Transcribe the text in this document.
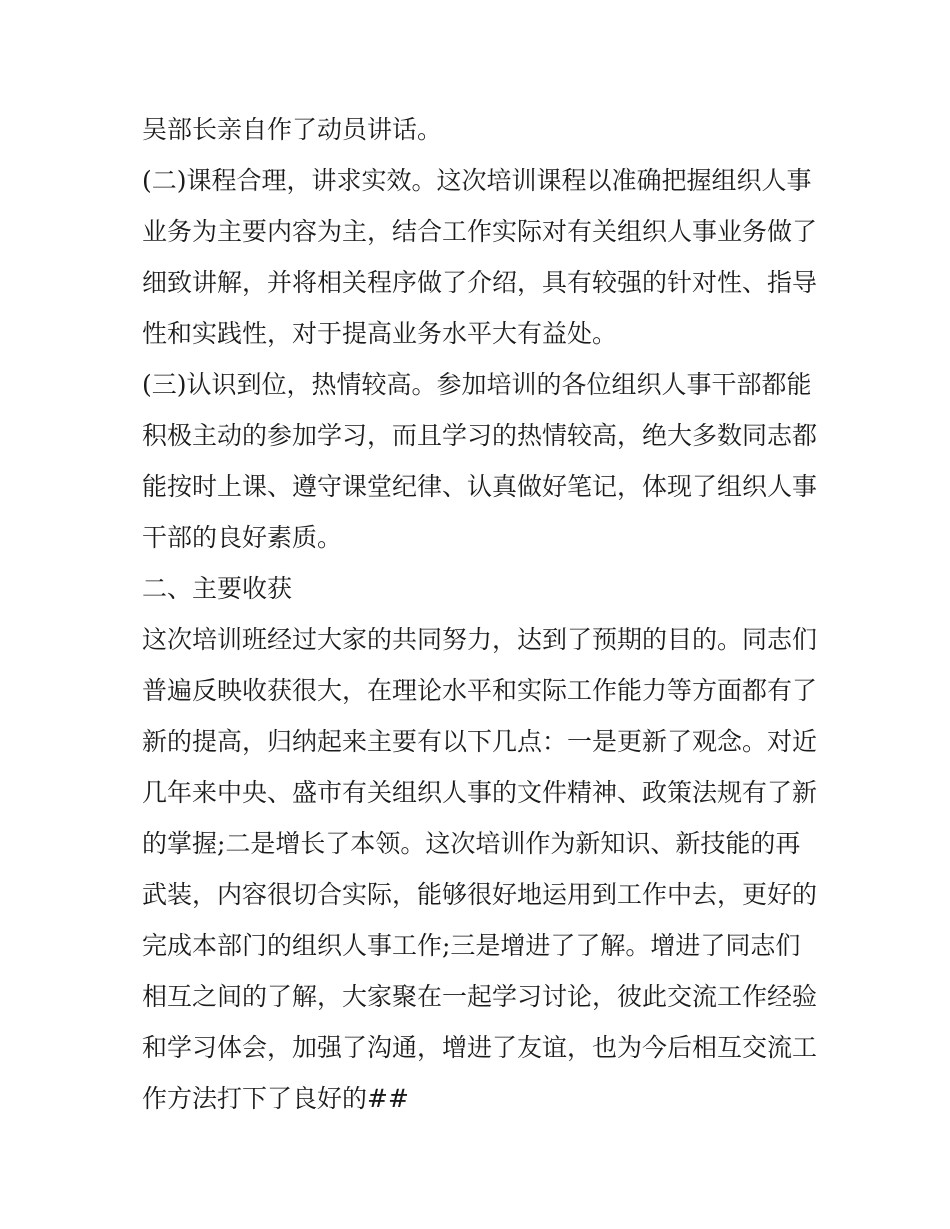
吴部长亲自作了动员讲话。
(二)课程合理，讲求实效。这次培训课程以准确把握组织人事
业务为主要内容为主，结合工作实际对有关组织人事业务做了
细致讲解，并将相关程序做了介绍，具有较强的针对性、指导
性和实践性，对于提高业务水平大有益处。
(三)认识到位，热情较高。参加培训的各位组织人事干部都能
积极主动的参加学习，而且学习的热情较高，绝大多数同志都
能按时上课、遵守课堂纪律、认真做好笔记，体现了组织人事
干部的良好素质。
二、主要收获
这次培训班经过大家的共同努力，达到了预期的目的。同志们
普遍反映收获很大，在理论水平和实际工作能力等方面都有了
新的提高，归纳起来主要有以下几点：一是更新了观念。对近
几年来中央、盛市有关组织人事的文件精神、政策法规有了新
的掌握;二是增长了本领。这次培训作为新知识、新技能的再
武装，内容很切合实际，能够很好地运用到工作中去，更好的
完成本部门的组织人事工作;三是增进了了解。增进了同志们
相互之间的了解，大家聚在一起学习讨论，彼此交流工作经验
和学习体会，加强了沟通，增进了友谊，也为今后相互交流工
作方法打下了良好的##
